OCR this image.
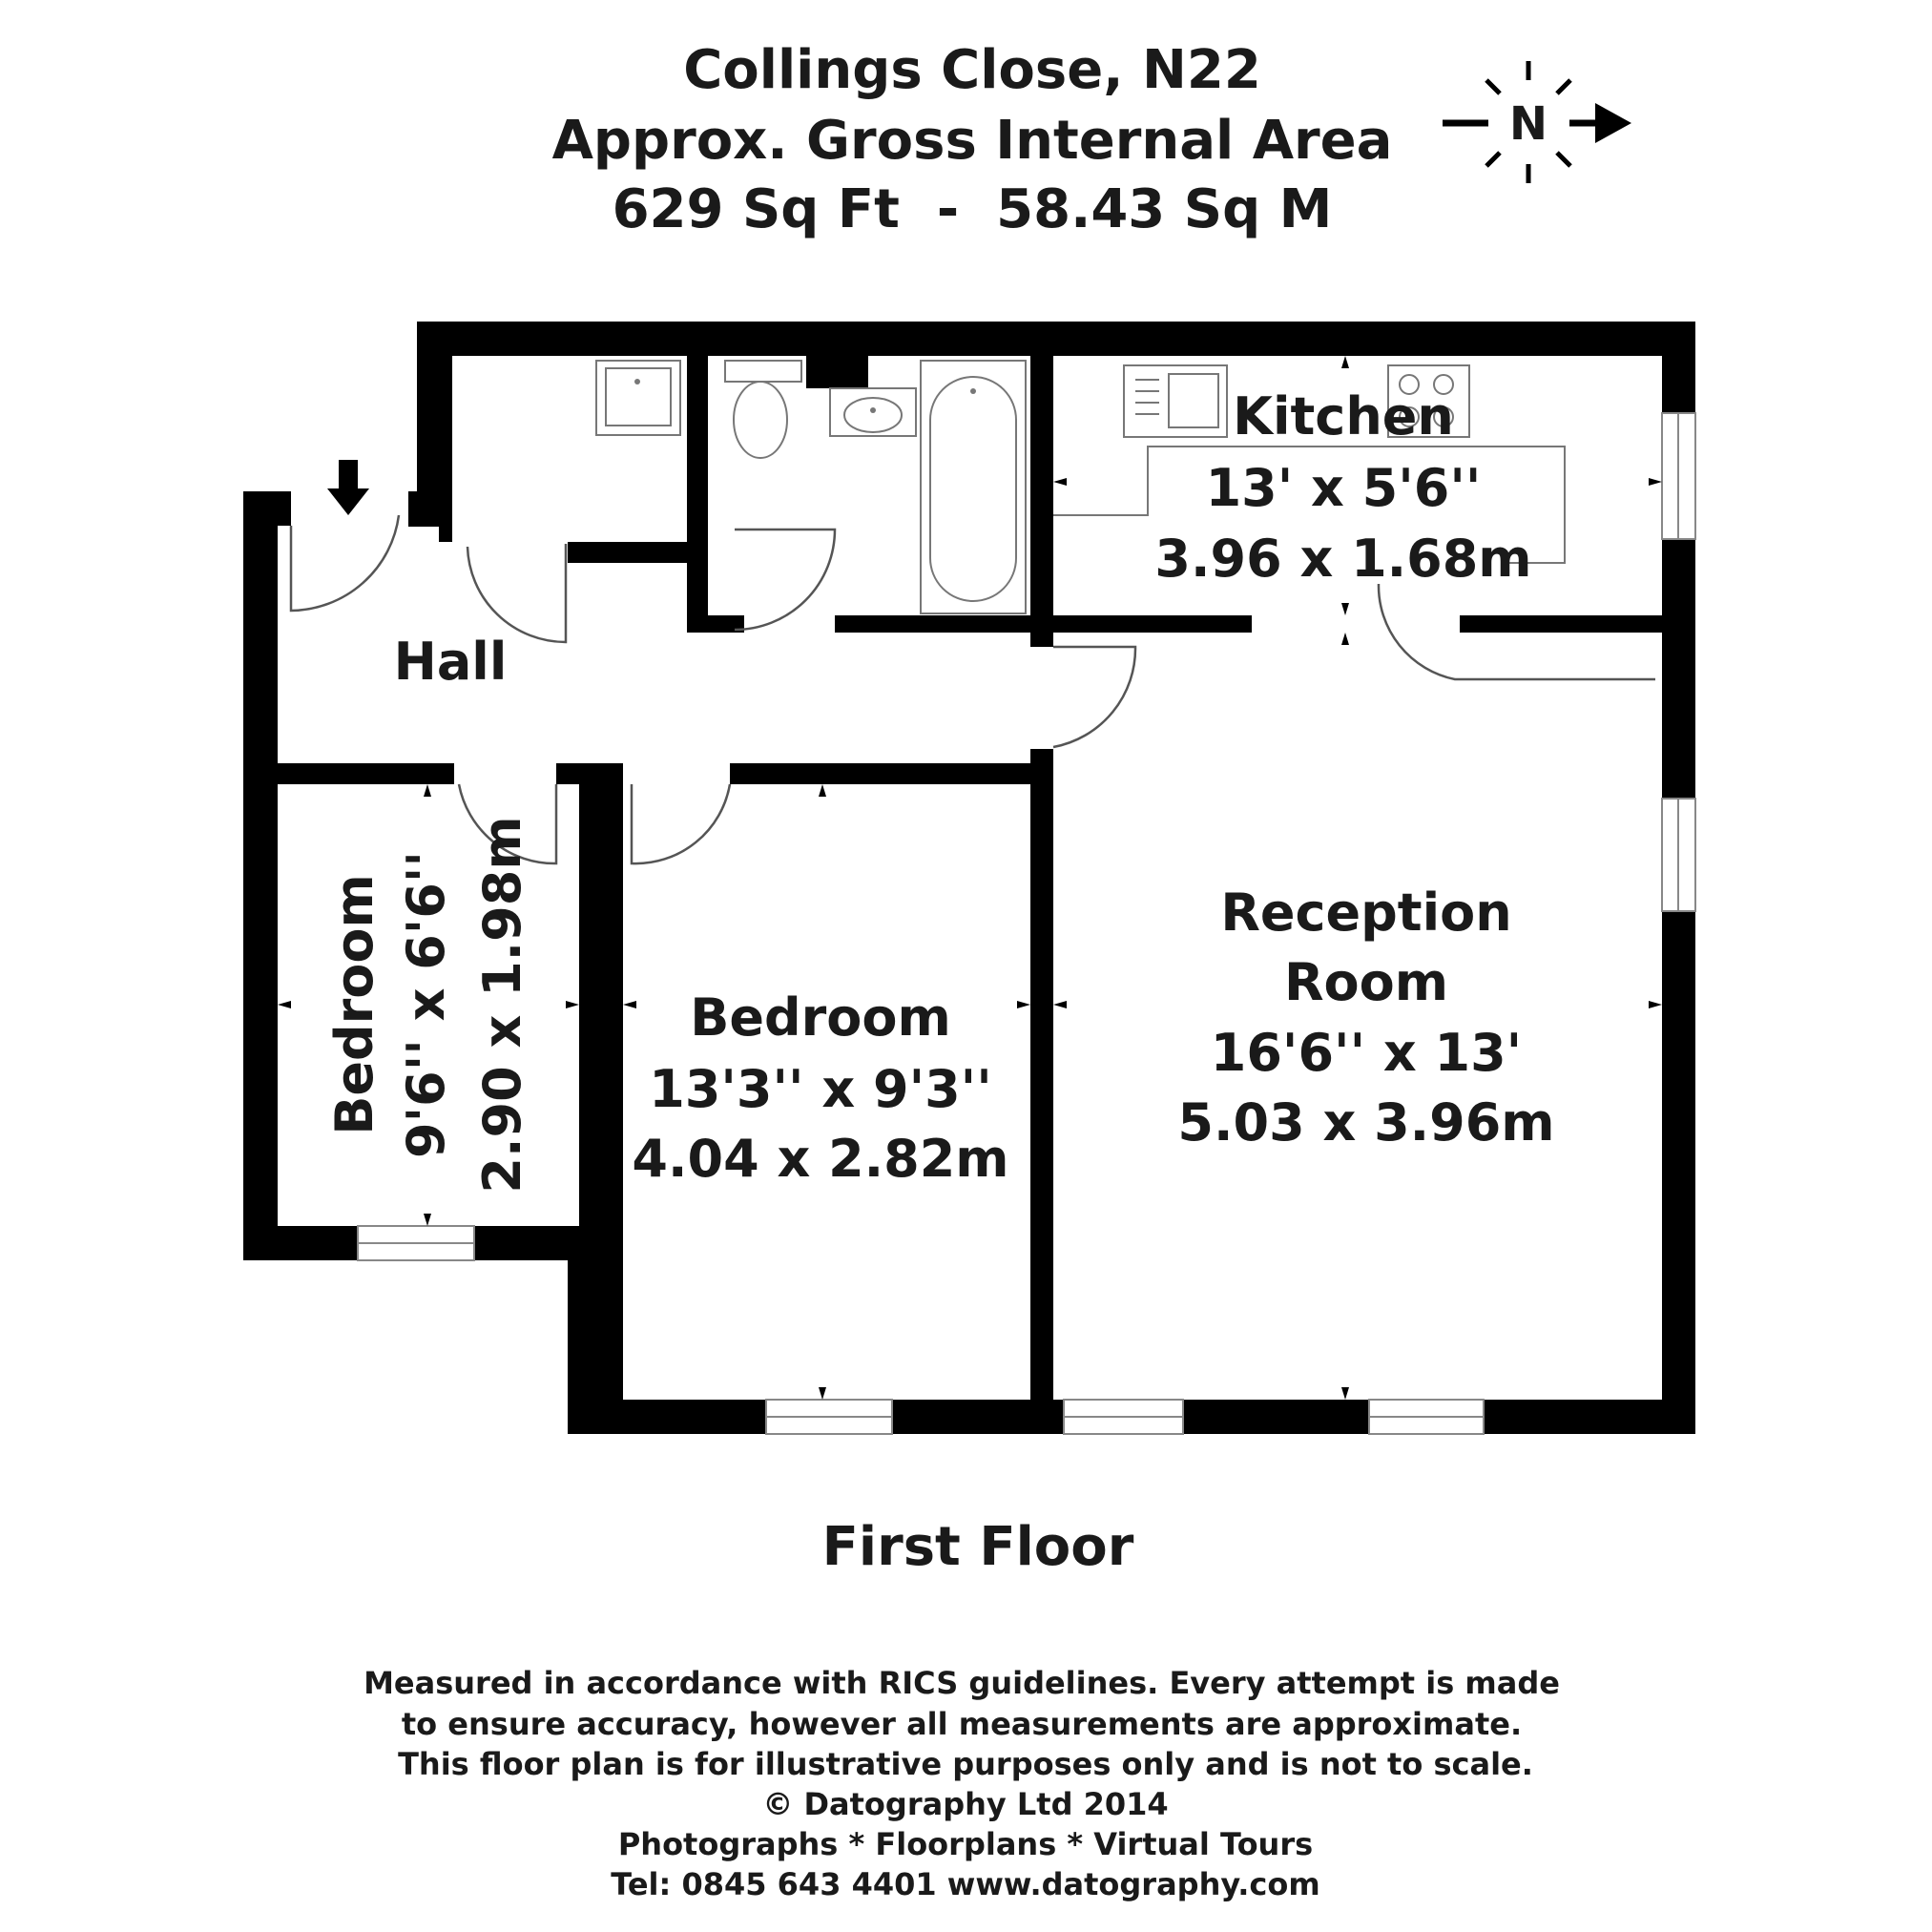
Collings Close, N22
Approx. Gross Internal Area
629 Sq Ft  -  58.43 Sq M
N
Kitchen
13' x 5'6''
3.96 x 1.68m
Hall
Bedroom 9'6'' x 6'6'' 2.90 x 1.98m	Bedroom
13'3'' x 9'3''
4.04 x 2.82m
Reception
Room
16'6'' x 13'
5.03 x 3.96m
First Floor
Measured in accordance with RICS guidelines. Every attempt is made
to ensure accuracy, however all measurements are approximate.
This floor plan is for illustrative purposes only and is not to scale.
© Datography Ltd 2014
Photographs * Floorplans * Virtual Tours
Tel: 0845 643 4401 www.datography.com
